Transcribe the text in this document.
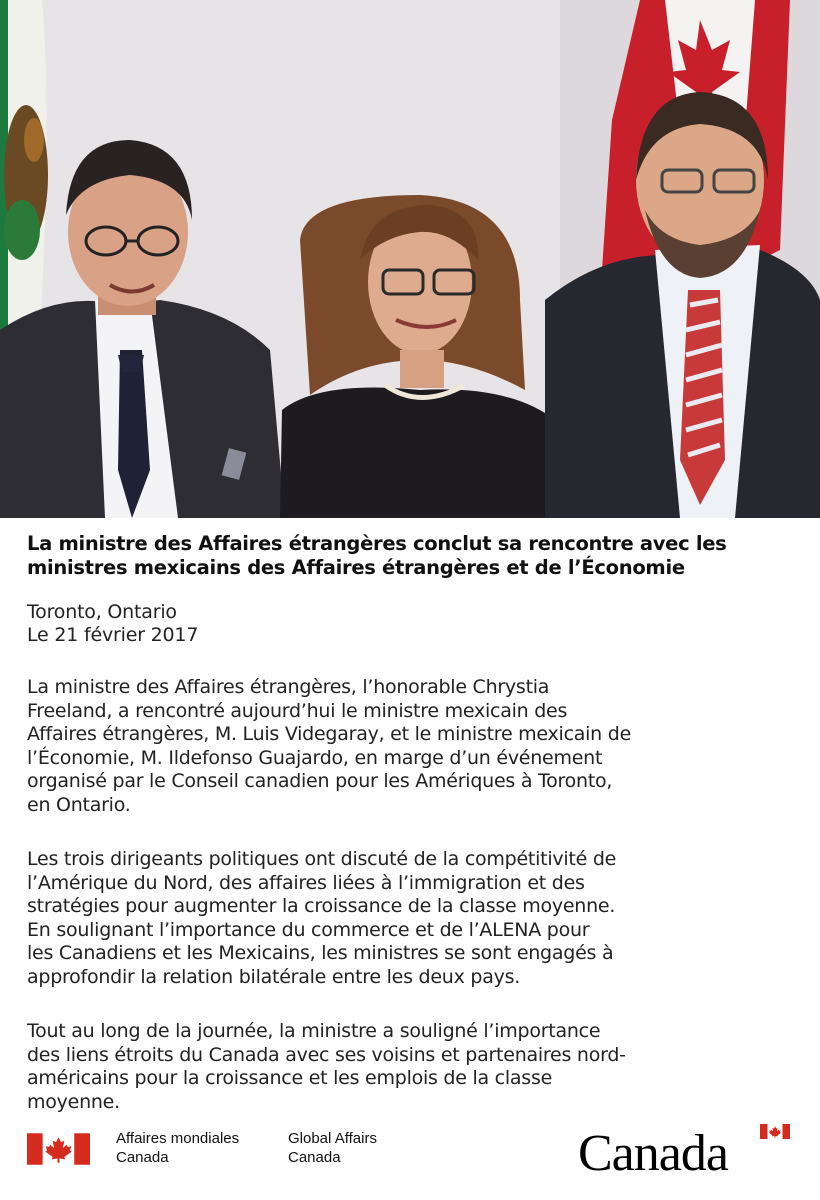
La ministre des Affaires étrangères conclut sa rencontre avec les
ministres mexicains des Affaires étrangères et de l’Économie
Toronto, Ontario
Le 21 février 2017
La ministre des Affaires étrangères, l’honorable Chrystia
Freeland, a rencontré aujourd’hui le ministre mexicain des
Affaires étrangères, M. Luis Videgaray, et le ministre mexicain de
l’Économie, M. Ildefonso Guajardo, en marge d’un événement
organisé par le Conseil canadien pour les Amériques à Toronto,
en Ontario.
Les trois dirigeants politiques ont discuté de la compétitivité de
l’Amérique du Nord, des affaires liées à l’immigration et des
stratégies pour augmenter la croissance de la classe moyenne.
En soulignant l’importance du commerce et de l’ALENA pour
les Canadiens et les Mexicains, les ministres se sont engagés à
approfondir la relation bilatérale entre les deux pays.
Tout au long de la journée, la ministre a souligné l’importance
des liens étroits du Canada avec ses voisins et partenaires nord-
américains pour la croissance et les emplois de la classe
moyenne.
Affaires mondiales
Canada
Global Affairs
Canada	Canada
